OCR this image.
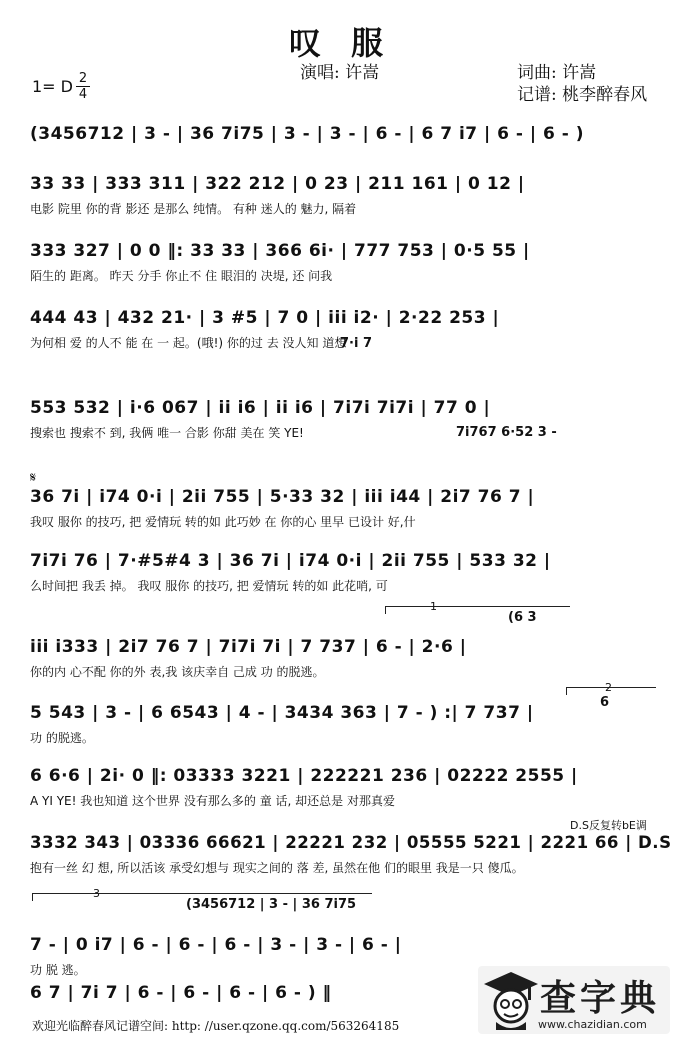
叹服
演唱: 许嵩	词曲: 许嵩
记谱: 桃李醉春风
1= D 2
4
(3456712 | 3 - | 36 7i75 | 3 - | 3 - | 6 - | 6 7 i7 | 6 - | 6 - )
33 33 | 333 311 | 322 212 | 0 23 | 211 161 | 0 12 |
电影 院里 你的背 影还 是那么 纯情。 有种 迷人的 魅力, 隔着
333 327 | 0 0 ‖: 33 33 | 366 6i· | 777 753 | 0·5 55 |
陌生的 距离。 昨天 分手 你止不 住 眼泪的 决堤, 还 问我
444 43 | 432 21· | 3 #5 | 7 0 | iii i2· | 2·22 253 |
为何相 爱 的人不 能 在 一 起。(哦!) 你的过 去 没人知 道想
553 532 | i·6 067 | ii i6 | ii i6 | 7i7i 7i7i | 77 0 |
搜索也 搜索不 到, 我俩 唯一 合影 你甜 美在 笑 YE!
36 7i | i74 0·i | 2ii 755 | 5·33 32 | iii i44 | 2i7 76 7 |
我叹 服你 的技巧, 把 爱情玩 转的如 此巧妙 在 你的心 里早 已设计 好,什
7i7i 76 | 7·#5#4 3 | 36 7i | i74 0·i | 2ii 755 | 533 32 |
么时间把 我丢 掉。 我叹 服你 的技巧, 把 爱情玩 转的如 此花哨, 可
iii i333 | 2i7 76 7 | 7i7i 7i | 7 737 | 6 - | 2·6 |
你的内 心不配 你的外 表,我 该庆幸自 己成 功 的脱逃。
5 543 | 3 - | 6 6543 | 4 - | 3434 363 | 7 - ) :| 7 737 |
功 的脱逃。
6 6·6 | 2i· 0 ‖: 03333 3221 | 222221 236 | 02222 2555 |
A YI YE! 我也知道 这个世界 没有那么多的 童 话, 却还总是 对那真爱
3332 343 | 03336 66621 | 22221 232 | 05555 5221 | 2221 66 | D.S
抱有一丝 幻 想, 所以活该 承受幻想与 现实之间的 落 差, 虽然在他 们的眼里 我是一只 傻瓜。
7 - | 0 i7 | 6 - | 6 - | 6 - | 3 - | 3 - | 6 - |
功 脱 逃。
6 7 | 7i 7 | 6 - | 6 - | 6 - | 6 - ) ‖
7·i 7
7i767 6·52 3 -
(6 3
6
(3456712 | 3 - | 36 7i75
D.S反复转bE调
𝄋
1
2
3
欢迎光临醉春风记谱空间: http: //user.qzone.qq.com/563264185
查字典
www.chazidian.com
